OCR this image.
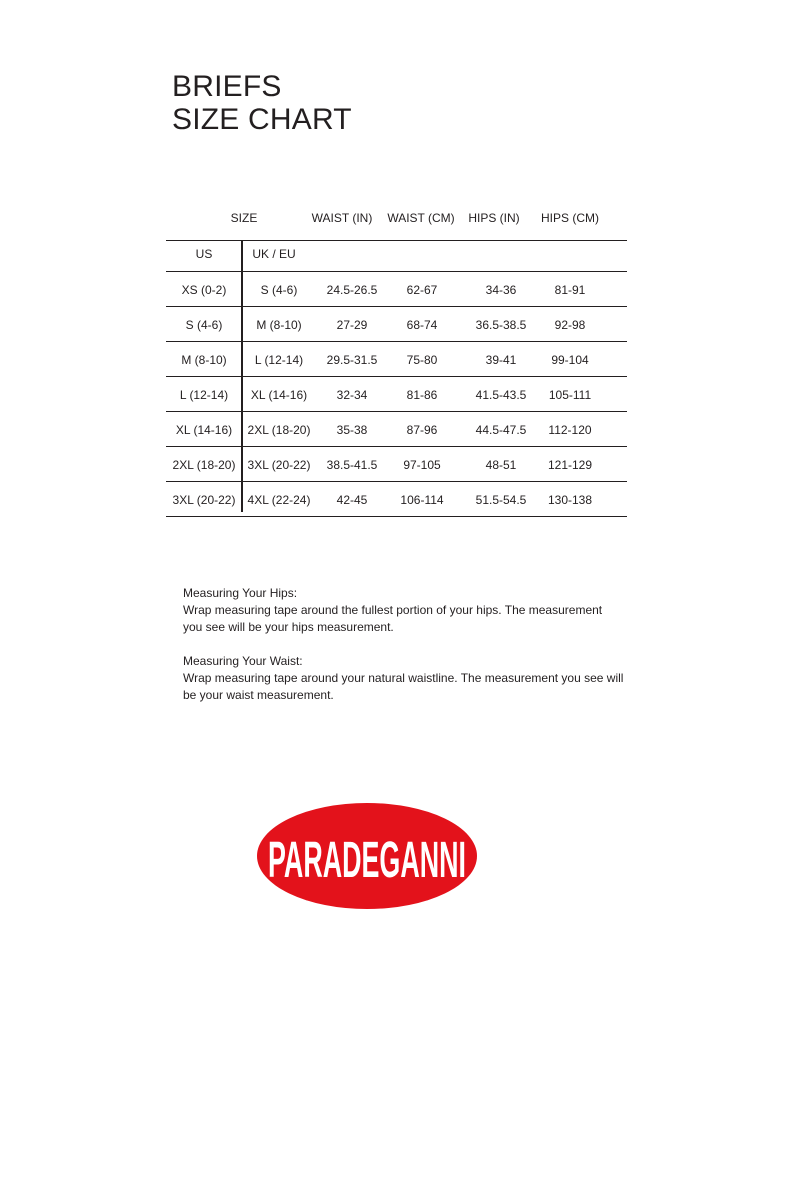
BRIEFS
SIZE CHART
SIZE	WAIST (IN) WAIST (CM) HIPS (IN) HIPS (CM)
US	UK / EU
XS (0-2)	S (4-6) 24.5-26.5 62-67	34-36	81-91
S (4-6)	M (8-10)	27-29	68-74	36.5-38.5 92-98
M (8-10) L (12-14) 29.5-31.5 75-80	39-41	99-104
L (12-14) XL (14-16) 32-34	81-86	41.5-43.5 105-111
XL (14-16) 2XL (18-20) 35-38	87-96	44.5-47.5 112-120
2XL (18-20) 3XL (20-22) 38.5-41.5 97-105	48-51	121-129
3XL (20-22) 4XL (22-24) 42-45	106-114	51.5-54.5 130-138

Measuring Your Hips:

Wrap measuring tape around the fullest portion of your hips. The measurement

you see will be your hips measurement.

Measuring Your Waist:

Wrap measuring tape around your natural waistline. The measurement you see will

be your waist measurement.

PARADEGANNI
